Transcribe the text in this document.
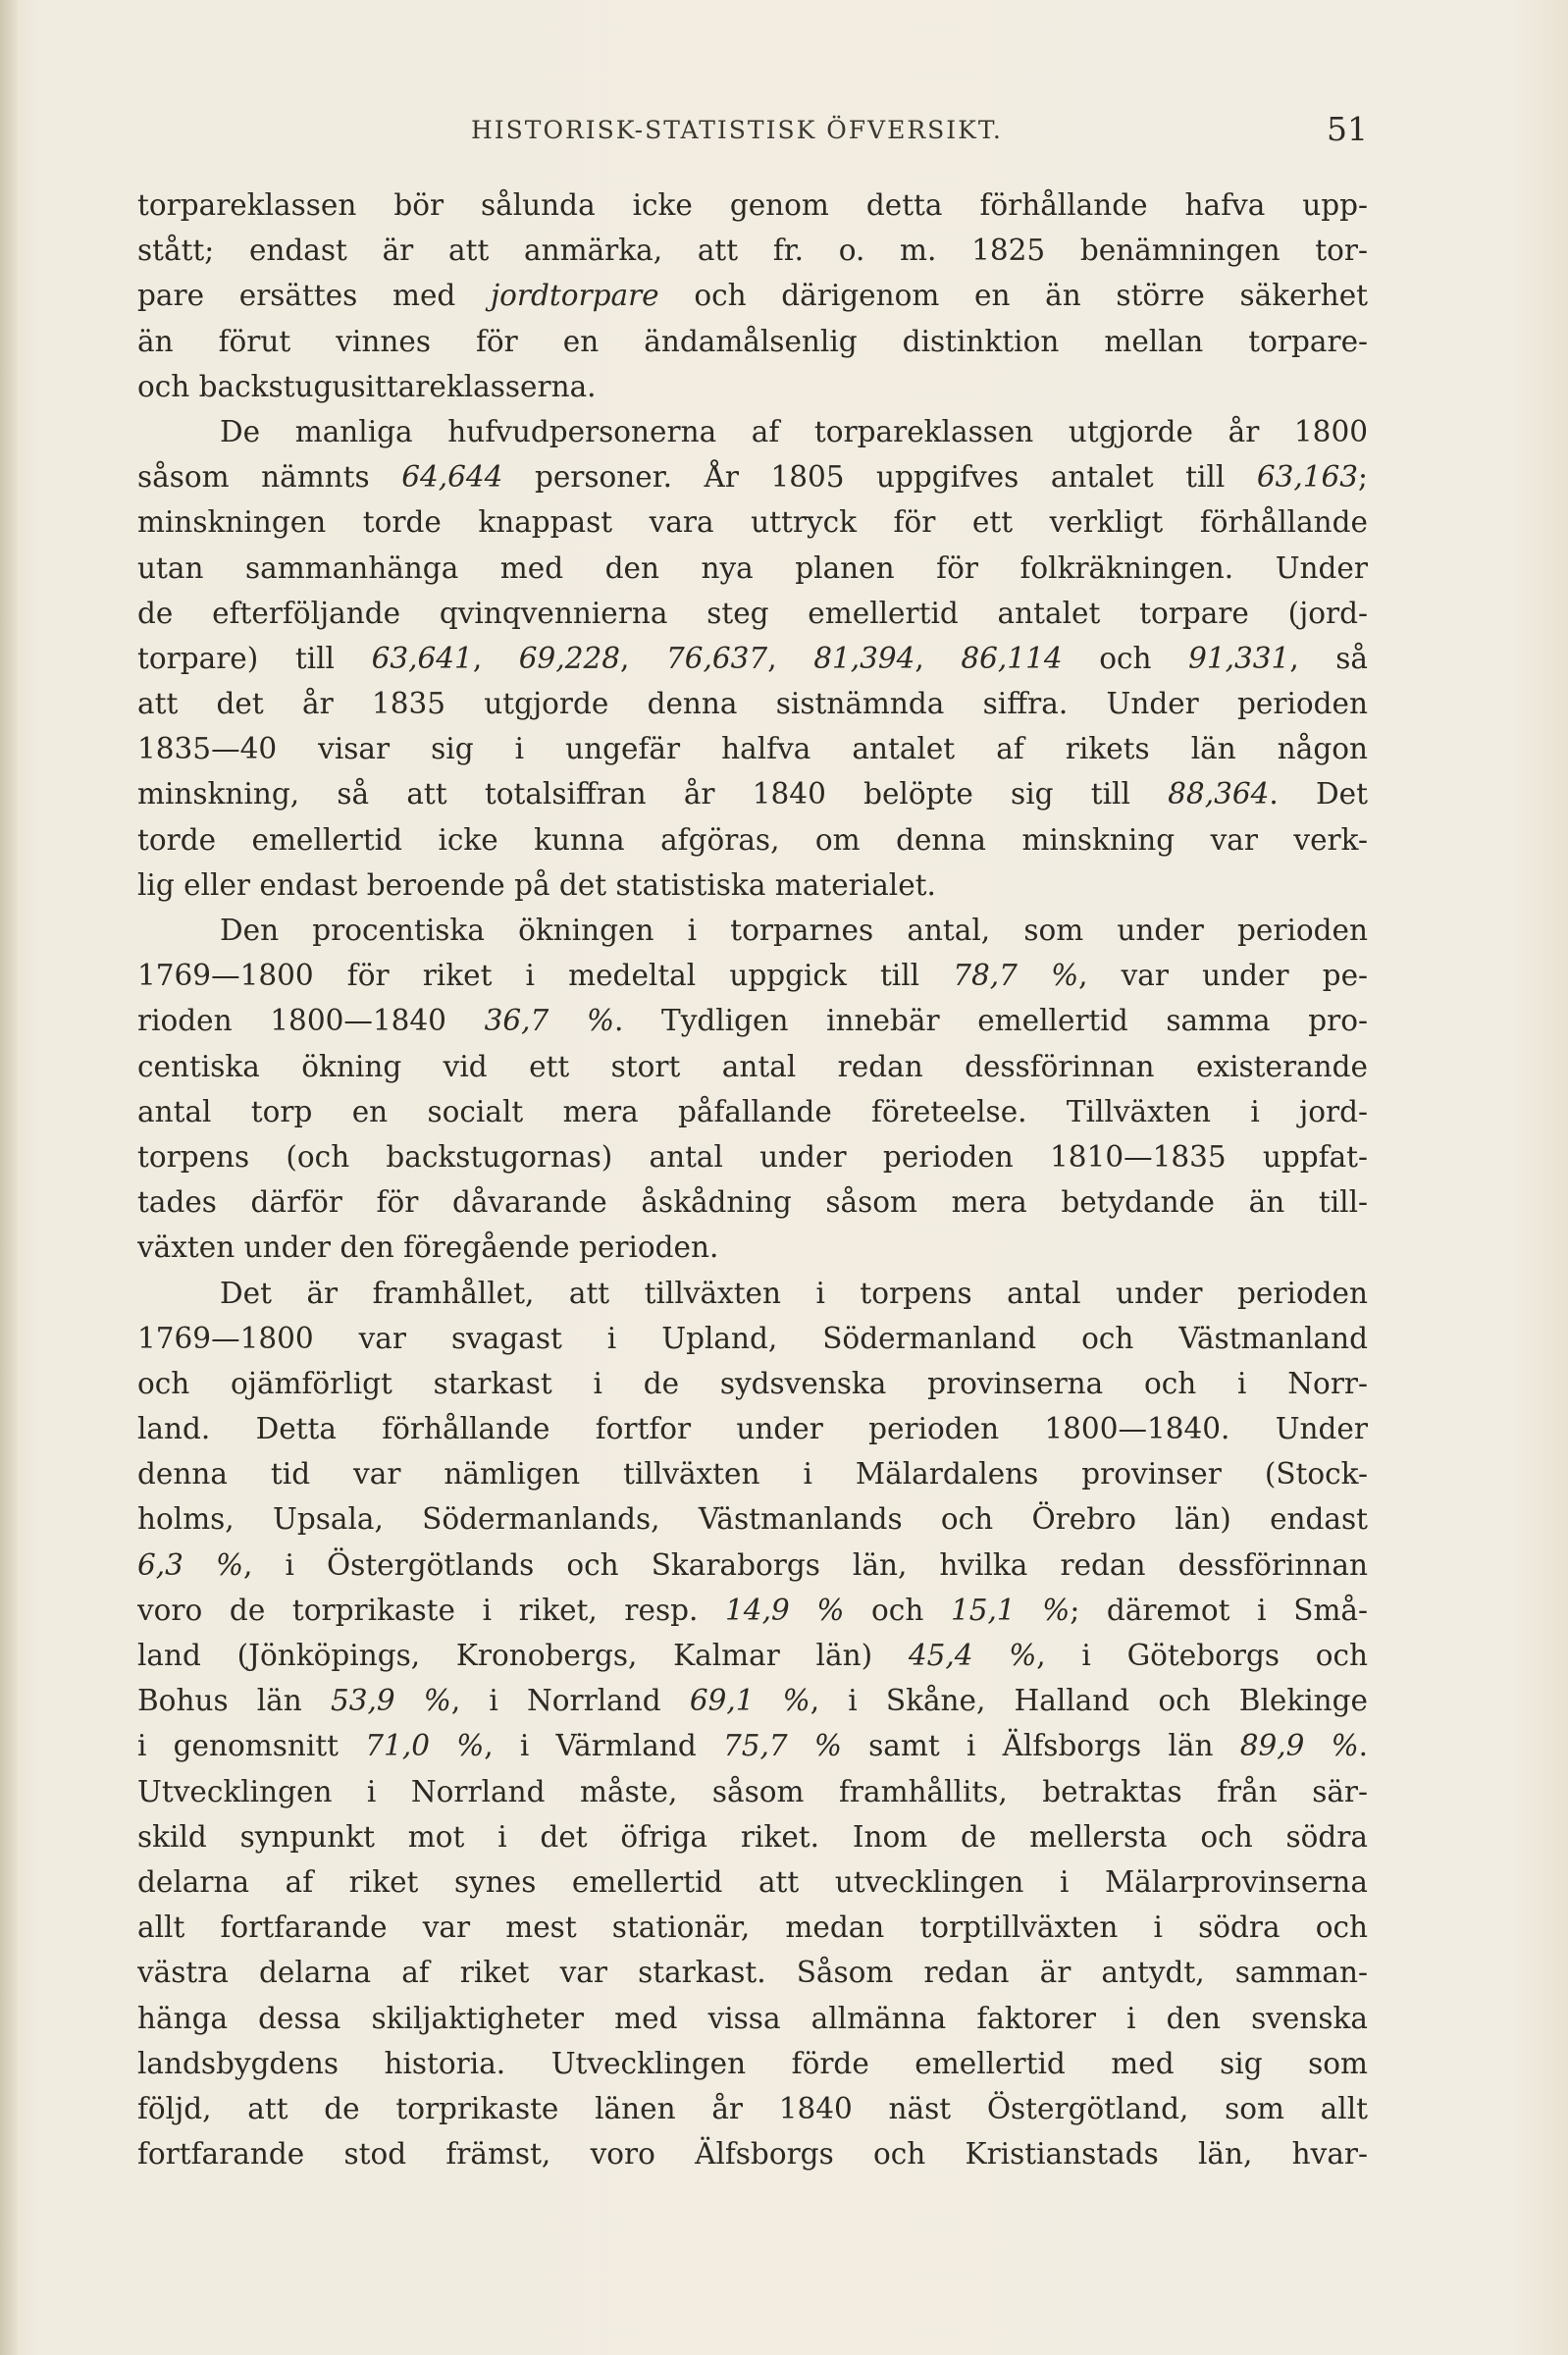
HISTORISK-STATISTISK ÖFVERSIKT.	51
torpareklassen bör sålunda icke genom detta förhållande hafva upp-
stått; endast är att anmärka, att fr. o. m. 1825 benämningen tor-
pare ersättes med jordtorpare och därigenom en än större säkerhet
än förut vinnes för en ändamålsenlig distinktion mellan torpare-
och backstugusittareklasserna.
De manliga hufvudpersonerna af torpareklassen utgjorde år 1800
såsom nämnts 64,644 personer. År 1805 uppgifves antalet till 63,163;
minskningen torde knappast vara uttryck för ett verkligt förhållande
utan sammanhänga med den nya planen för folkräkningen. Under
de efterföljande qvinqvennierna steg emellertid antalet torpare (jord-
torpare) till 63,641, 69,228, 76,637, 81,394, 86,114 och 91,331, så
att det år 1835 utgjorde denna sistnämnda siffra. Under perioden
1835—40 visar sig i ungefär halfva antalet af rikets län någon
minskning, så att totalsiffran år 1840 belöpte sig till 88,364. Det
torde emellertid icke kunna afgöras, om denna minskning var verk-
lig eller endast beroende på det statistiska materialet.
Den procentiska ökningen i torparnes antal, som under perioden
1769—1800 för riket i medeltal uppgick till 78,7 %, var under pe-
rioden 1800—1840 36,7 %. Tydligen innebär emellertid samma pro-
centiska ökning vid ett stort antal redan dessförinnan existerande
antal torp en socialt mera påfallande företeelse. Tillväxten i jord-
torpens (och backstugornas) antal under perioden 1810—1835 uppfat-
tades därför för dåvarande åskådning såsom mera betydande än till-
växten under den föregående perioden.
Det är framhållet, att tillväxten i torpens antal under perioden
1769—1800 var svagast i Upland, Södermanland och Västmanland
och ojämförligt starkast i de sydsvenska provinserna och i Norr-
land. Detta förhållande fortfor under perioden 1800—1840. Under
denna tid var nämligen tillväxten i Mälardalens provinser (Stock-
holms, Upsala, Södermanlands, Västmanlands och Örebro län) endast
6,3 %, i Östergötlands och Skaraborgs län, hvilka redan dessförinnan
voro de torprikaste i riket, resp. 14,9 % och 15,1 %; däremot i Små-
land (Jönköpings, Kronobergs, Kalmar län) 45,4 %, i Göteborgs och
Bohus län 53,9 %, i Norrland 69,1 %, i Skåne, Halland och Blekinge
i genomsnitt 71,0 %, i Värmland 75,7 % samt i Älfsborgs län 89,9 %.
Utvecklingen i Norrland måste, såsom framhållits, betraktas från sär-
skild synpunkt mot i det öfriga riket. Inom de mellersta och södra
delarna af riket synes emellertid att utvecklingen i Mälarprovinserna
allt fortfarande var mest stationär, medan torptillväxten i södra och
västra delarna af riket var starkast. Såsom redan är antydt, samman-
hänga dessa skiljaktigheter med vissa allmänna faktorer i den svenska
landsbygdens historia. Utvecklingen förde emellertid med sig som
följd, att de torprikaste länen år 1840 näst Östergötland, som allt
fortfarande stod främst, voro Älfsborgs och Kristianstads län, hvar-
